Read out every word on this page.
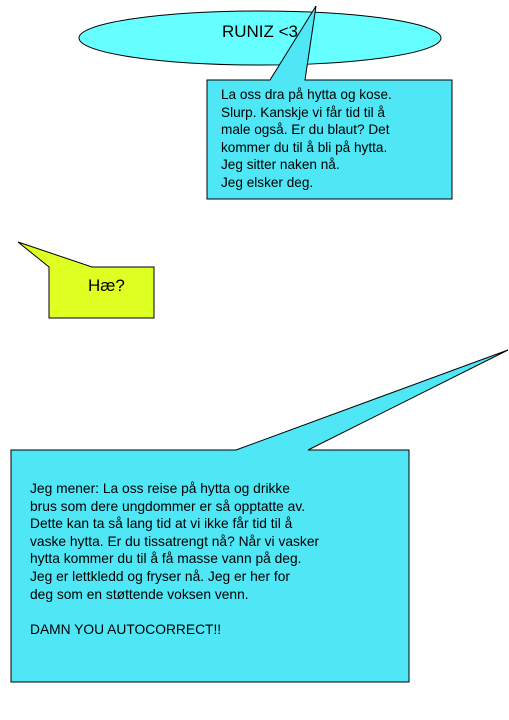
RUNIZ <3
La oss dra på hytta og kose.
Slurp. Kanskje vi får tid til å
male også. Er du blaut? Det
kommer du til å bli på hytta.
Jeg sitter naken nå.
Jeg elsker deg.
Hæ?
Jeg mener: La oss reise på hytta og drikke
brus som dere ungdommer er så opptatte av.
Dette kan ta så lang tid at vi ikke får tid til å
vaske hytta. Er du tissatrengt nå? Når vi vasker
hytta kommer du til å få masse vann på deg.
Jeg er lettkledd og fryser nå. Jeg er her for
deg som en støttende voksen venn.

DAMN YOU AUTOCORRECT!!
